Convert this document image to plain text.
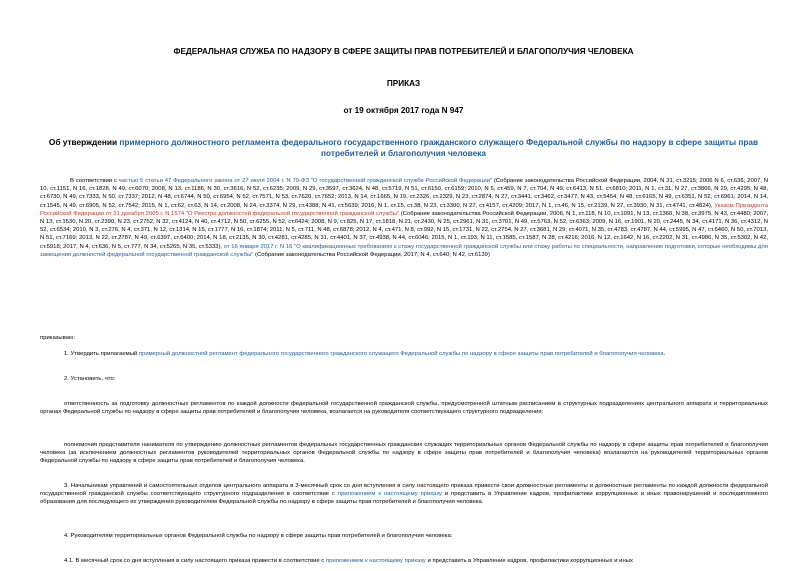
ФЕДЕРАЛЬНАЯ СЛУЖБА ПО НАДЗОРУ В СФЕРЕ ЗАЩИТЫ ПРАВ ПОТРЕБИТЕЛЕЙ И БЛАГОПОЛУЧИЯ ЧЕЛОВЕКА
ПРИКАЗ
от 19 октября 2017 года N 947
Об утверждении примерного должностного регламента федерального государственного гражданского служащего Федеральной службы по надзору в сфере защиты прав потребителей и благополучия человека
В соответствии с частью 5 статьи 47 Федерального закона от 27 июля 2004 г. N 79-ФЗ "О государственной гражданской службе Российской Федерации" (Собрание законодательства Российской Федерации, 2004, N 31, ст.3215; 2006 N 6, ст.636; 2007, N 10, ст.1151, N 16, ст.1828, N 49, ст.6070; 2008, N 13, ст.1186, N 30, ст.3616, N 52, ст.6235; 2009, N 29, ст.3597, ст.3624, N 48, ст.5719, N 51, ст.6150, ст.6159; 2010, N 5, ст.459, N 7, ст.704, N 49, ст.6413, N 51, ст.6810; 2011, N 1, ст.31, N 27, ст.3866, N 29, ст.4295, N 48, ст.6730, N 49, ст.7333, N 50, ст.7337; 2012, N 48, ст.6744, N 50, ст.6954, N 52, ст.7571, N 53, ст.7620, ст.7652; 2013, N 14, ст.1665, N 19, ст.2326, ст.2329, N 23, ст.2874, N 27, ст.3441, ст.3462, ст.3477, N 43, ст.5454, N 48, ст.6165, N 49, ст.6351, N 52, ст.6961; 2014, N 14, ст.1545, N 49, ст.6905, N 52, ст.7542; 2015, N 1, ст.62, ст.63, N 14, ст.2008, N 24, ст.3374, N 29, ст.4388, N 41, ст.5639; 2016, N 1, ст.15, ст.38, N 23, ст.3300, N 27, ст.4157, ст.4209; 2017, N 1, ст.46, N 15, ст.2139, N 27, ст.3930, N 31, ст.4741, ст.4824), Указом Президента Российской Федерации от 31 декабря 2005 г. N 1574 "О Реестре должностей федеральной государственной гражданской службы" (Собрание законодательства Российской Федерации, 2006, N 1, ст.118, N 10, ст.1091, N 13, ст.1360, N 38, ст.3975, N 43, ст.4480; 2007, N 13, ст.1530, N 20, ст.2390, N 23, ст.2752, N 32, ст.4124, N 40, ст.4712, N 50, ст.6255, N 52, ст.6424; 2008, N 9, ст.825, N 17, ст.1818, N 21, ст.2430, N 25, ст.2961, N 31, ст.3701, N 49, ст.5763, N 52, ст.6363; 2009, N 16, ст.1901, N 20, ст.2445, N 34, ст.4171, N 36, ст.4312, N 52, ст.6534; 2010, N 3, ст.276, N 4, ст.371, N 12, ст.1314, N 15, ст.1777, N 16, ст.1874; 2011, N 5, ст.711, N 48, ст.6878; 2012, N 4, ст.471, N 8, ст.992, N 15, ст.1731, N 22, ст.2754, N 27, ст.3681, N 29, ст.4071, N 35, ст.4783, ст.4787, N 44, ст.5995, N 47, ст.6460, N 50, ст.7013, N 51, ст.7169; 2013, N 22, ст.2787, N 49, ст.6397, ст.6400; 2014, N 18, ст.2135, N 30, ст.4281, ст.4285, N 31, ст.4401, N 37, ст.4938, N 44, ст.6046; 2015, N 1, ст.193, N 11, ст.1585, ст.1587, N 28, ст.4216; 2016, N 12, ст.1642, N 16, ст.2202, N 31, ст.4986, N 35, ст.5302, N 42, ст.5918; 2017, N 4, ст.636, N 5, ст.777, N 34, ст.5265, N 35, ст.5333), от 16 января 2017 г. N 16 "О квалификационных требованиях к стажу государственной гражданской службы или стажу работы по специальности, направлению подготовки, которые необходимы для замещения должностей федеральной государственной гражданской службы" (Собрание законодательства Российской Федерации, 2017, N 4, ст.640; N 42, ст.6139)
приказываю:
1. Утвердить прилагаемый примерный должностной регламент федерального государственного гражданского служащего Федеральной службы по надзору в сфере защиты прав потребителей и благополучия человека.
2. Установить, что:
ответственность за подготовку должностных регламентов по каждой должности федеральной государственной гражданской службы, предусмотренной штатным расписанием в структурных подразделениях центрального аппарата и территориальных органах Федеральной службы по надзору в сфере защиты прав потребителей и благополучия человека, возлагается на руководителя соответствующего структурного подразделения;
полномочия представителя нанимателя по утверждению должностных регламентов федеральных государственных гражданских служащих территориальных органов Федеральной службы по надзору в сфере защиты прав потребителей и благополучия человека (за исключением должностных регламентов руководителей территориальных органов Федеральной службы по надзору в сфере защиты прав потребителей и благополучия человека) возлагаются на руководителей территориальных органов Федеральной службы по надзору в сфере защиты прав потребителей и благополучия человека.
3. Начальникам управлений и самостоятельных отделов центрального аппарата в 3-месячный срок со дня вступления в силу настоящего приказа привести свои должностные регламенты и должностные регламенты по каждой должности федеральной государственной гражданской службы соответствующего структурного подразделения в соответствие с приложением к настоящему приказу и представить в Управление кадров, профилактики коррупционных и иных правонарушений и последипломного образования для последующего их утверждения руководителем Федеральной службы по надзору в сфере защиты прав потребителей и благополучия человека.
4. Руководителям территориальных органов Федеральной службы по надзору в сфере защиты прав потребителей и благополучия человека:
4.1. В месячный срок со дня вступления в силу настоящего приказа привести в соответствие с приложением к настоящему приказу и представить в Управление кадров, профилактики коррупционных и иных
